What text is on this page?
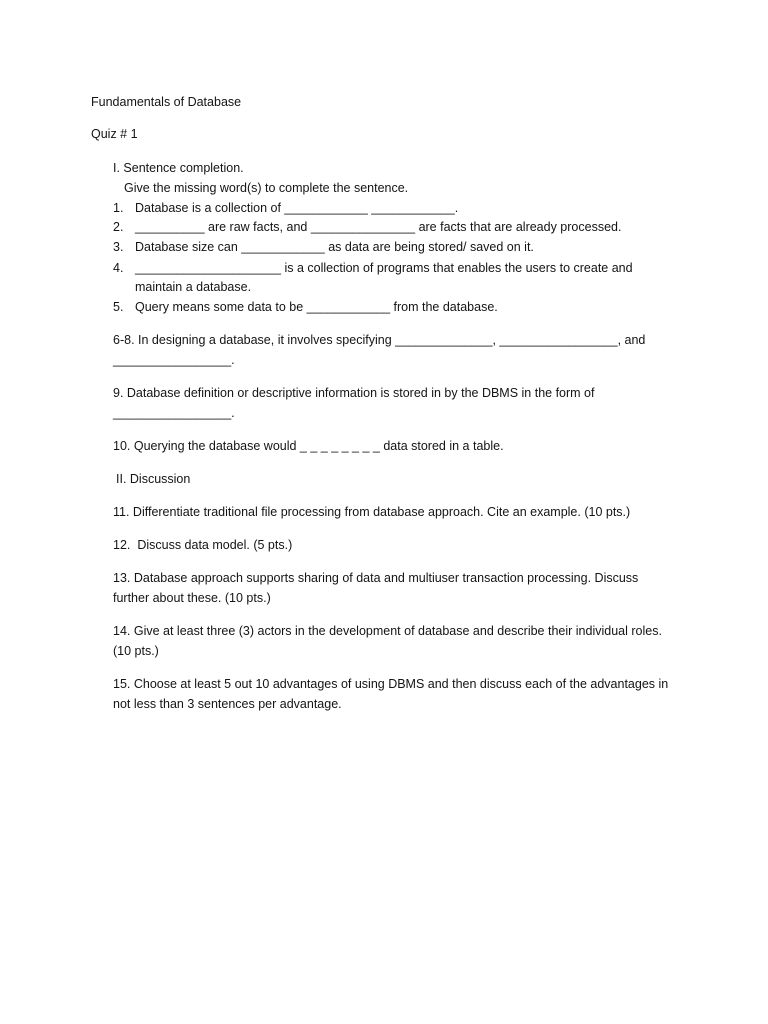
Fundamentals of Database
Quiz # 1
I. Sentence completion.
Give the missing word(s) to complete the sentence.
1. Database is a collection of ____________ ____________.
2. __________ are raw facts, and _______________ are facts that are already processed.
3. Database size can ____________ as data are being stored/ saved on it.
4. _____________________ is a collection of programs that enables the users to create and
maintain a database.
5. Query means some data to be ____________ from the database.
6-8. In designing a database, it involves specifying ______________, _________________, and
_________________.
9. Database definition or descriptive information is stored in by the DBMS in the form of
_________________.
10. Querying the database would _ _ _ _ _ _ _ _ data stored in a table.
II. Discussion
11. Differentiate traditional file processing from database approach. Cite an example. (10 pts.)
12.  Discuss data model. (5 pts.)
13. Database approach supports sharing of data and multiuser transaction processing. Discuss
further about these. (10 pts.)
14. Give at least three (3) actors in the development of database and describe their individual roles.
(10 pts.)
15. Choose at least 5 out 10 advantages of using DBMS and then discuss each of the advantages in
not less than 3 sentences per advantage.
